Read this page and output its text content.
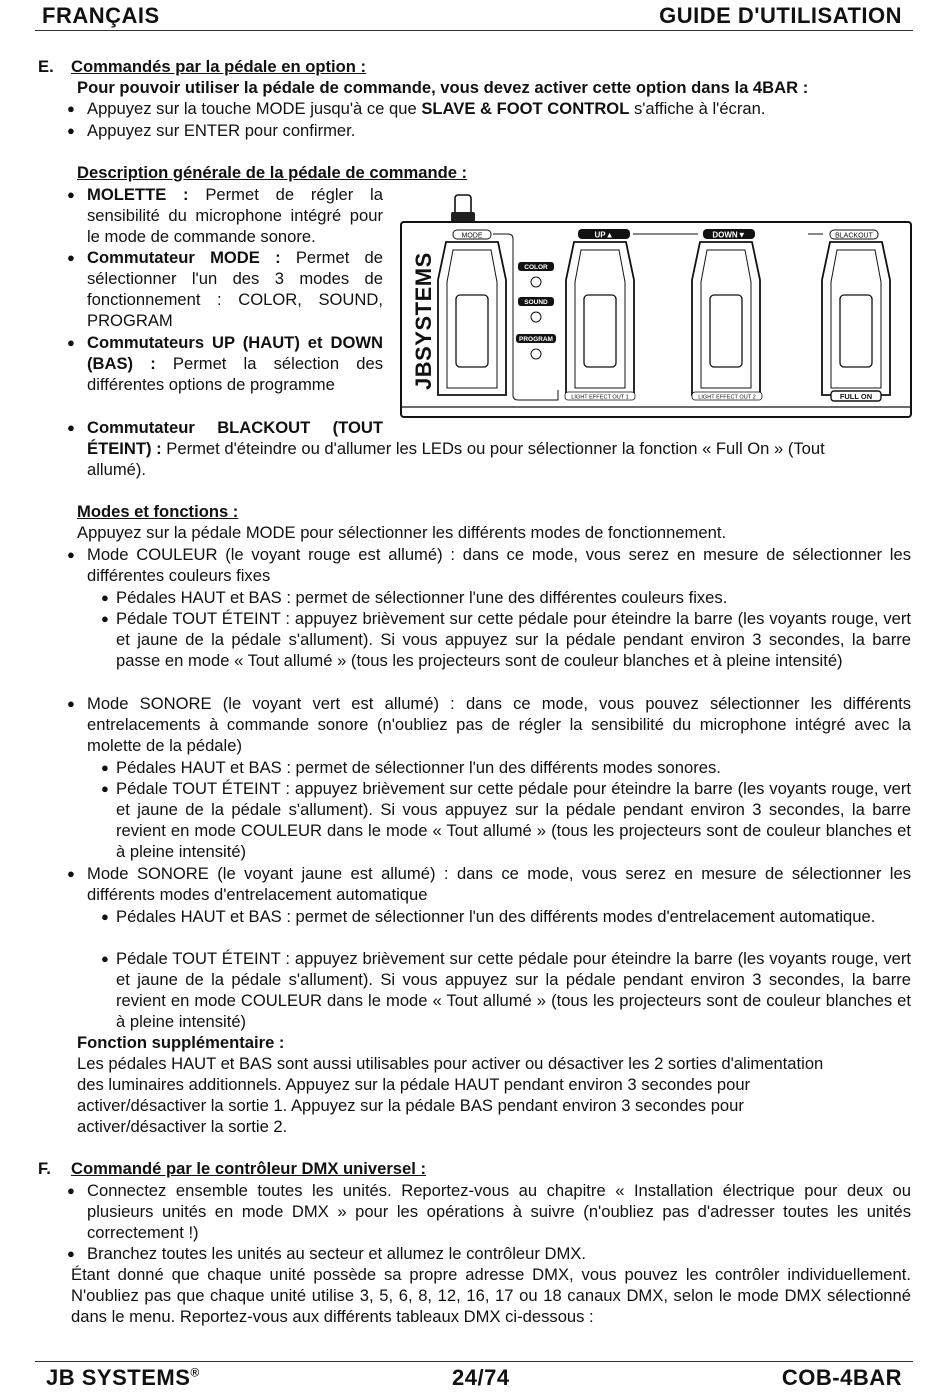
FRANÇAIS	GUIDE D'UTILISATION
E. Commandés par la pédale en option :
Pour pouvoir utiliser la pédale de commande, vous devez activer cette option dans la 4BAR :
● Appuyez sur la touche MODE jusqu'à ce que SLAVE & FOOT CONTROL s'affiche à l'écran.
● Appuyez sur ENTER pour confirmer.
Description générale de la pédale de commande :
● MOLETTE : Permet de régler la sensibilité du microphone intégré pour le mode de commande sonore.
● Commutateur MODE : Permet de sélectionner l'un des 3 modes de fonctionnement : COLOR, SOUND, PROGRAM
● Commutateurs UP (HAUT) et DOWN (BAS) : Permet la sélection des différentes options de programme
● Commutateur BLACKOUT (TOUT
ÉTEINT) : Permet d'éteindre ou d'allumer les LEDs ou pour sélectionner la fonction « Full On » (Tout
allumé).
JBSYSTEMS
MODE	UP▲	DOWN▼	BLACKOUT
COLOR
SOUND
PROGRAM
LIGHT EFFECT OUT 1	LIGHT EFFECT OUT 2	FULL ON
Modes et fonctions :
Appuyez sur la pédale MODE pour sélectionner les différents modes de fonctionnement.
● Mode COULEUR (le voyant rouge est allumé) : dans ce mode, vous serez en mesure de sélectionner les différentes couleurs fixes
● Pédales HAUT et BAS : permet de sélectionner l'une des différentes couleurs fixes.
● Pédale TOUT ÉTEINT : appuyez brièvement sur cette pédale pour éteindre la barre (les voyants rouge, vert et jaune de la pédale s'allument). Si vous appuyez sur la pédale pendant environ 3 secondes, la barre passe en mode « Tout allumé » (tous les projecteurs sont de couleur blanches et à pleine intensité)
● Mode SONORE (le voyant vert est allumé) : dans ce mode, vous pouvez sélectionner les différents entrelacements à commande sonore (n'oubliez pas de régler la sensibilité du microphone intégré avec la molette de la pédale)
● Pédales HAUT et BAS : permet de sélectionner l'un des différents modes sonores.
● Pédale TOUT ÉTEINT : appuyez brièvement sur cette pédale pour éteindre la barre (les voyants rouge, vert et jaune de la pédale s'allument). Si vous appuyez sur la pédale pendant environ 3 secondes, la barre revient en mode COULEUR dans le mode « Tout allumé » (tous les projecteurs sont de couleur blanches et à pleine intensité)
● Mode SONORE (le voyant jaune est allumé) : dans ce mode, vous serez en mesure de sélectionner les différents modes d'entrelacement automatique
● Pédales HAUT et BAS : permet de sélectionner l'un des différents modes d'entrelacement automatique.
● Pédale TOUT ÉTEINT : appuyez brièvement sur cette pédale pour éteindre la barre (les voyants rouge, vert et jaune de la pédale s'allument). Si vous appuyez sur la pédale pendant environ 3 secondes, la barre revient en mode COULEUR dans le mode « Tout allumé » (tous les projecteurs sont de couleur blanches et à pleine intensité)
Fonction supplémentaire :
Les pédales HAUT et BAS sont aussi utilisables pour activer ou désactiver les 2 sorties d'alimentation
des luminaires additionnels. Appuyez sur la pédale HAUT pendant environ 3 secondes pour
activer/désactiver la sortie 1. Appuyez sur la pédale BAS pendant environ 3 secondes pour
activer/désactiver la sortie 2.
F. Commandé par le contrôleur DMX universel :
● Connectez ensemble toutes les unités. Reportez-vous au chapitre « Installation électrique pour deux ou plusieurs unités en mode DMX » pour les opérations à suivre (n'oubliez pas d'adresser toutes les unités correctement !)
● Branchez toutes les unités au secteur et allumez le contrôleur DMX.
Étant donné que chaque unité possède sa propre adresse DMX, vous pouvez les contrôler individuellement. N'oubliez pas que chaque unité utilise 3, 5, 6, 8, 12, 16, 17 ou 18 canaux DMX, selon le mode DMX sélectionné dans le menu. Reportez-vous aux différents tableaux DMX ci-dessous :
JB SYSTEMS®	24/74	COB-4BAR
